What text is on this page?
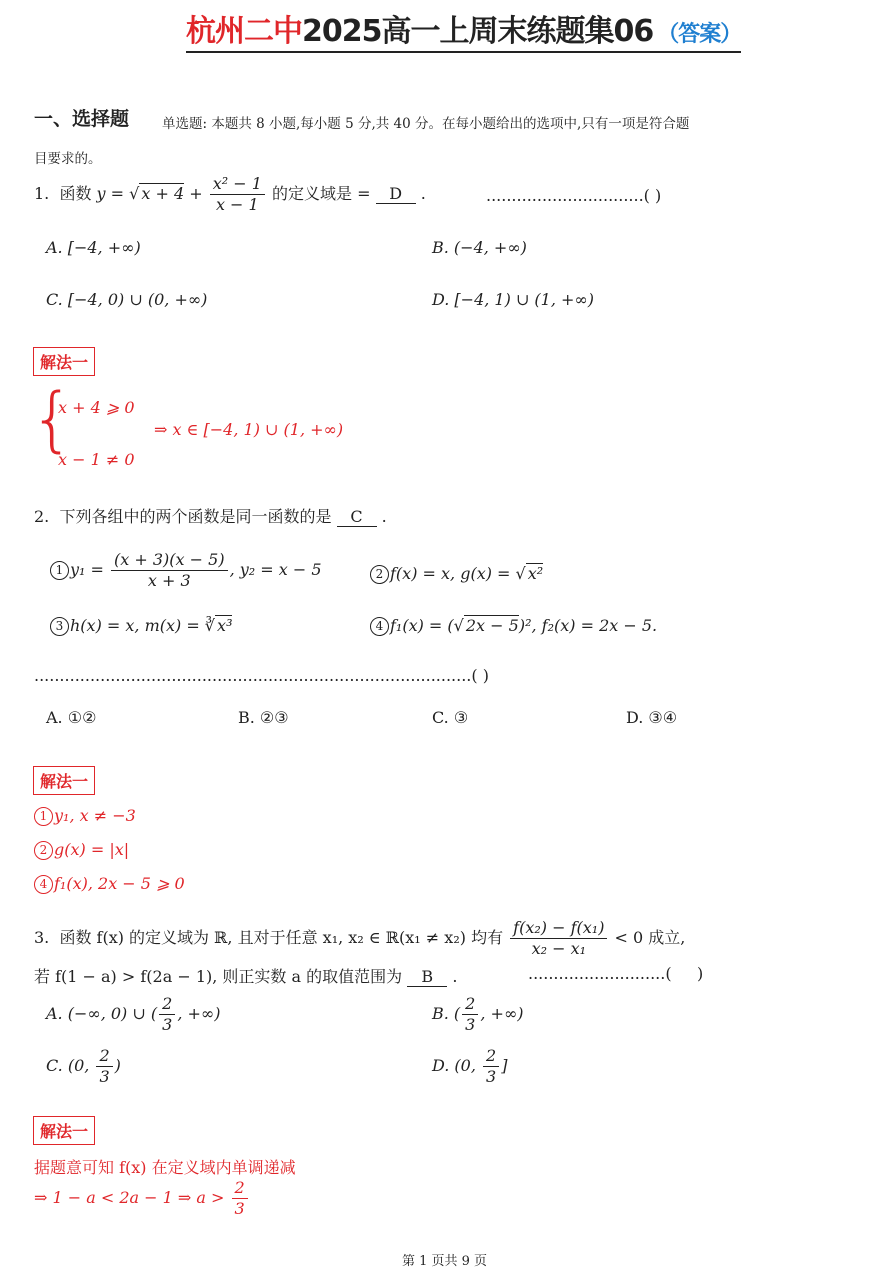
杭州二中2025高一上周末练题集06 （答案）
一、选择题 单选题: 本题共 8 小题,每小题 5 分,共 40 分。在每小题给出的选项中,只有一项是符合题
目要求的。
1. 函数 y = √ $x + 4 + \frac{\text{x² − 1}}{x - 1}$ 的定义域是 = D .	...............................( )
A. [−4, +∞)	B. (−4, +∞)
C. [−4, 0) ∪ (0, +∞)	D. [−4, 1) ∪ (1, +∞)
解法一
{
x + 4 ⩾ 0
x − 1 ≠ 0
⇒ x ∈ [−4, 1) ∪ (1, +∞)
2. 下列各组中的两个函数是同一函数的是 C .
1 $y_1 = \frac{(x + 3)(x - 5)}{x + 3}$ , y₂ = x − 5	2 f(x) = x, g(x) = √ x²
3 h(x) = x, m(x) = ∛ x³	4 f₁(x) = (√ 2x − 5)², f₂(x) = 2x − 5.
......................................................................................( )
A. ①②	B. ②③	C. ③	D. ③④
解法一
1 y₁, x ≠ −3
2 g(x) = |x|
4 f₁(x), 2x − 5 ⩾ 0
3. 函数 f(x) 的定义域为 ℝ, 且对于任意 x₁, x₂ ∈ ℝ(x₁ ≠ x₂) 均有 $\frac{\text{f(x₂) − f(x₁)}}{\text{x₂ − x₁}} < 0$ 成立,
若 f(1 − a) > f(2a − 1), 则正实数 a 的取值范围为 B .	...........................(     )
A. (−∞, 0) ∪ ( $\frac{2}{3}$ , +∞)	B. ( $\frac{2}{3}$ , +∞)
C. (0, $\frac{2}{3}$ )	D. (0, $\frac{2}{3}$ ]
解法一
据题意可知 f(x) 在定义域内单调递减
⇒ 1 − a < 2a − 1 ⇒ $a > \frac{2}{3}$
第 1 页共 9 页
